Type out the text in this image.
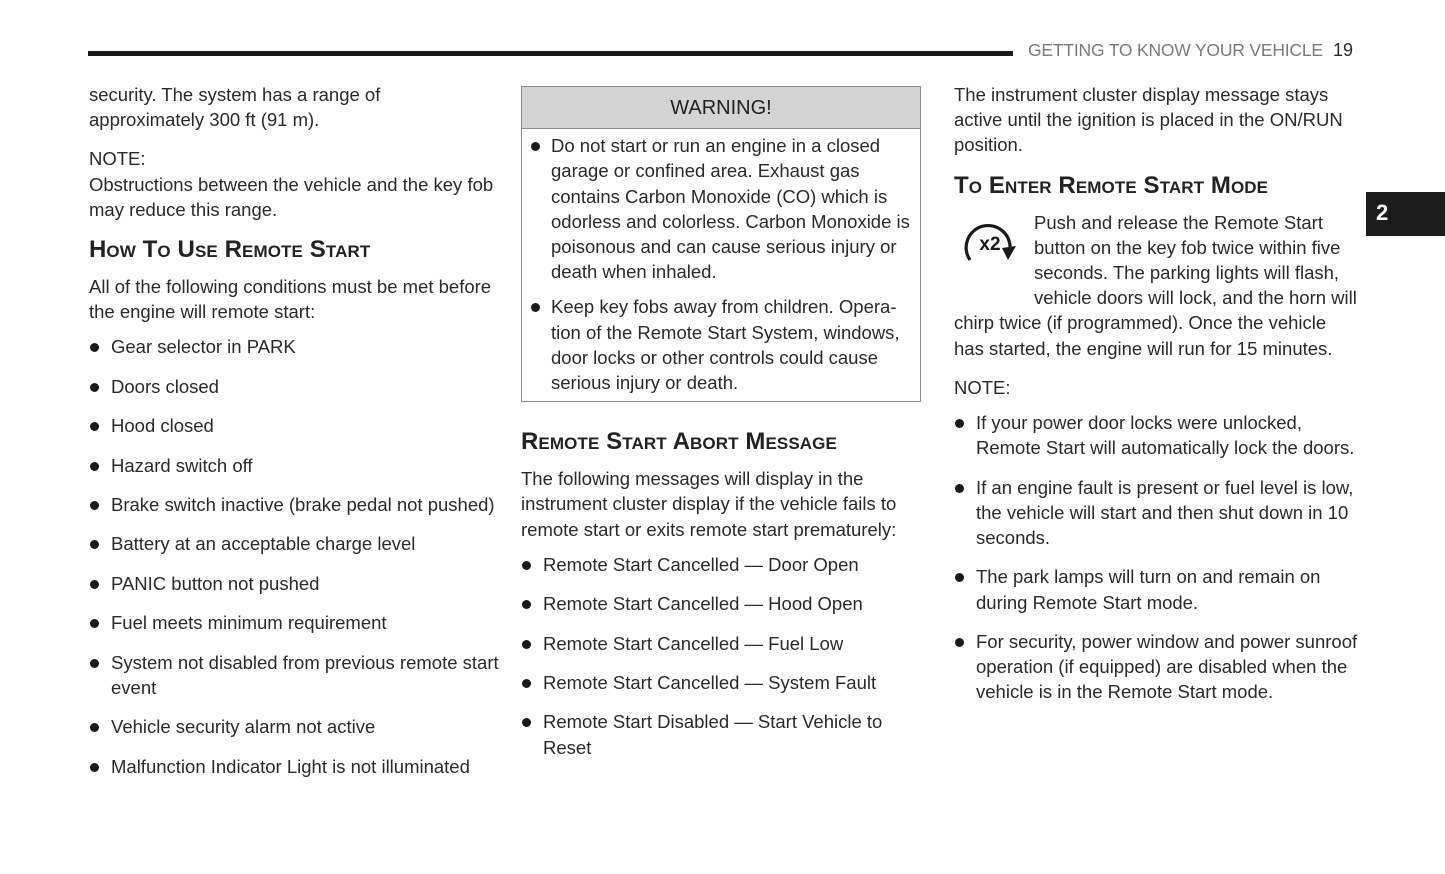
GETTING TO KNOW YOUR VEHICLE 19
2

security. The system has a range of approximately 300 ft (91 m).

NOTE:

Obstructions between the vehicle and the key fob may reduce this range.

How To Use Remote Start

All of the following conditions must be met before the engine will remote start:

Gear selector in PARK
Doors closed
Hood closed
Hazard switch off
Brake switch inactive (brake pedal not pushed)
Battery at an acceptable charge level
PANIC button not pushed
Fuel meets minimum requirement
System not disabled from previous remote start event
Vehicle security alarm not active
Malfunction Indicator Light is not illuminated
WARNING!
Do not start or run an engine in a closed garage or confined area. Exhaust gas contains Carbon Monoxide (CO) which is odorless and colorless. Carbon Monoxide is poisonous and can cause serious injury or death when inhaled.
Keep key fobs away from children. Opera-tion of the Remote Start System, windows, door locks or other controls could cause serious injury or death.
Remote Start Abort Message

The following messages will display in the instrument cluster display if the vehicle fails to remote start or exits remote start prematurely:

Remote Start Cancelled — Door Open
Remote Start Cancelled — Hood Open
Remote Start Cancelled — Fuel Low
Remote Start Cancelled — System Fault
Remote Start Disabled — Start Vehicle to Reset

The instrument cluster display message stays active until the ignition is placed in the ON/RUN position.

To Enter Remote Start Mode
x2

Push and release the Remote Start button on the key fob twice within five seconds. The parking lights will flash, vehicle doors will lock, and the horn will chirp twice (if programmed). Once the vehicle has started, the engine will run for 15 minutes.

NOTE:

If your power door locks were unlocked, Remote Start will automatically lock the doors.
If an engine fault is present or fuel level is low, the vehicle will start and then shut down in 10 seconds.
The park lamps will turn on and remain on during Remote Start mode.
For security, power window and power sunroof operation (if equipped) are disabled when the vehicle is in the Remote Start mode.
